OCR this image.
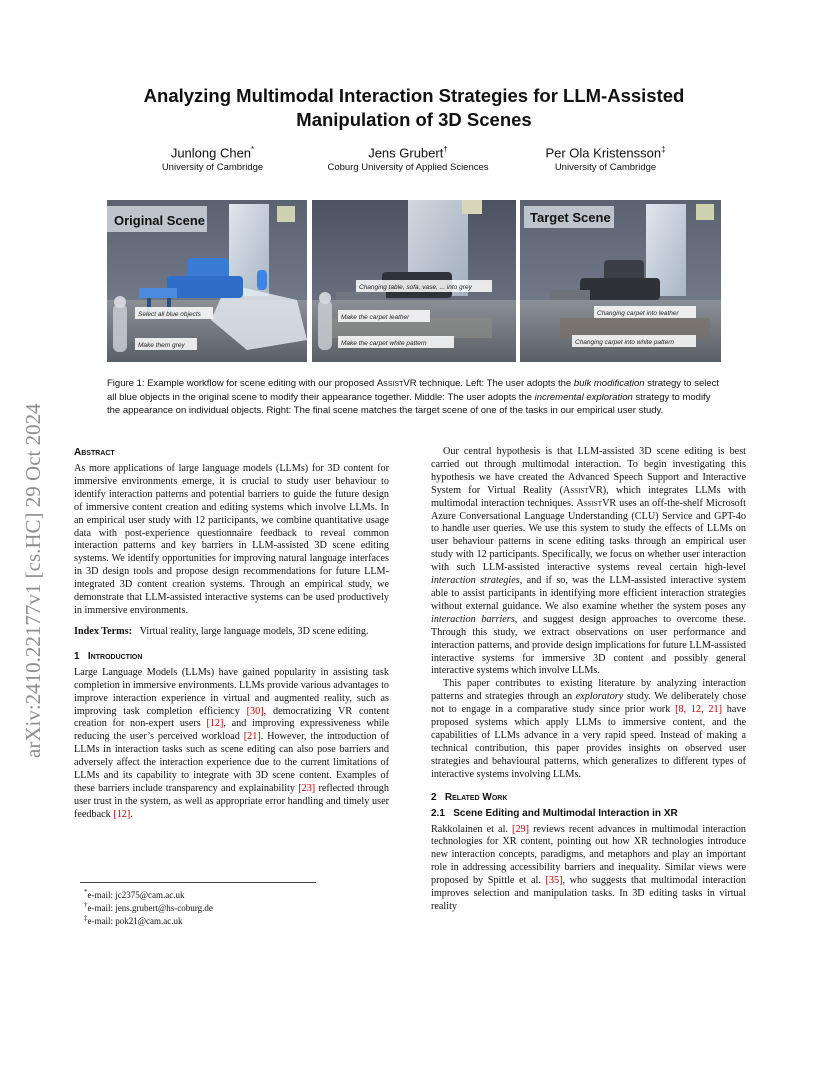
arXiv:2410.22177v1 [cs.HC] 29 Oct 2024
Analyzing Multimodal Interaction Strategies for LLM-Assisted
Manipulation of 3D Scenes
Junlong Chen*
University of Cambridge
Jens Grubert†
Coburg University of Applied Sciences
Per Ola Kristensson‡
University of Cambridge
Original Scene
Select all blue objects
Make them grey
Changing table, sofa, vase, ... into grey
Make the carpet leather
Make the carpet white pattern
Target Scene
Changing carpet into leather
Changing carpet into white pattern
Figure 1: Example workflow for scene editing with our proposed AssistVR technique. Left: The user adopts the bulk modification strategy to select all blue objects in the original scene to modify their appearance together. Middle: The user adopts the incremental exploration strategy to modify the appearance on individual objects. Right: The final scene matches the target scene of one of the tasks in our empirical user study.
Abstract

As more applications of large language models (LLMs) for 3D content for immersive environments emerge, it is crucial to study user behaviour to identify interaction patterns and potential barriers to guide the future design of immersive content creation and editing systems which involve LLMs. In an empirical user study with 12 participants, we combine quantitative usage data with post-experience questionnaire feedback to reveal common interaction patterns and key barriers in LLM-assisted 3D scene editing systems. We identify opportunities for improving natural language interfaces in 3D design tools and propose design recommendations for future LLM-integrated 3D content creation systems. Through an empirical study, we demonstrate that LLM-assisted interactive systems can be used productively in immersive environments.

Index Terms: Virtual reality, large language models, 3D scene editing.

1 Introduction

Large Language Models (LLMs) have gained popularity in assisting task completion in immersive environments. LLMs provide various advantages to improve interaction experience in virtual and augmented reality, such as improving task completion efficiency [30], democratizing VR content creation for non-expert users [12], and improving expressiveness while reducing the user’s perceived workload [21]. However, the introduction of LLMs in interaction tasks such as scene editing can also pose barriers and adversely affect the interaction experience due to the current limitations of LLMs and its capability to integrate with 3D scene content. Examples of these barriers include transparency and explainability [23] reflected through user trust in the system, as well as appropriate error handling and timely user feedback [12].

*e-mail: jc2375@cam.ac.uk
†e-mail: jens.grubert@hs-coburg.de
‡e-mail: pok21@cam.ac.uk

Our central hypothesis is that LLM-assisted 3D scene editing is best carried out through multimodal interaction. To begin investigating this hypothesis we have created the Advanced Speech Support and Interactive System for Virtual Reality (AssistVR), which integrates LLMs with multimodal interaction techniques. AssistVR uses an off-the-shelf Microsoft Azure Conversational Language Understanding (CLU) Service and GPT-4o to handle user queries. We use this system to study the effects of LLMs on user behaviour patterns in scene editing tasks through an empirical user study with 12 participants. Specifically, we focus on whether user interaction with such LLM-assisted interactive systems reveal certain high-level interaction strategies, and if so, was the LLM-assisted interactive system able to assist participants in identifying more efficient interaction strategies without external guidance. We also examine whether the system poses any interaction barriers, and suggest design approaches to overcome these. Through this study, we extract observations on user performance and interaction patterns, and provide design implications for future LLM-assisted interactive systems for immersive 3D content and possibly general interactive systems which involve LLMs.

This paper contributes to existing literature by analyzing interaction patterns and strategies through an exploratory study. We deliberately chose not to engage in a comparative study since prior work [8, 12, 21] have proposed systems which apply LLMs to immersive content, and the capabilities of LLMs advance in a very rapid speed. Instead of making a technical contribution, this paper provides insights on observed user strategies and behavioural patterns, which generalizes to different types of interactive systems involving LLMs.

2 Related Work
2.1 Scene Editing and Multimodal Interaction in XR

Rakkolainen et al. [29] reviews recent advances in multimodal interaction technologies for XR content, pointing out how XR technologies introduce new interaction concepts, paradigms, and metaphors and play an important role in addressing accessibility barriers and inequality. Similar views were proposed by Spittle et al. [35], who suggests that multimodal interaction improves selection and manipulation tasks. In 3D editing tasks in virtual reality
